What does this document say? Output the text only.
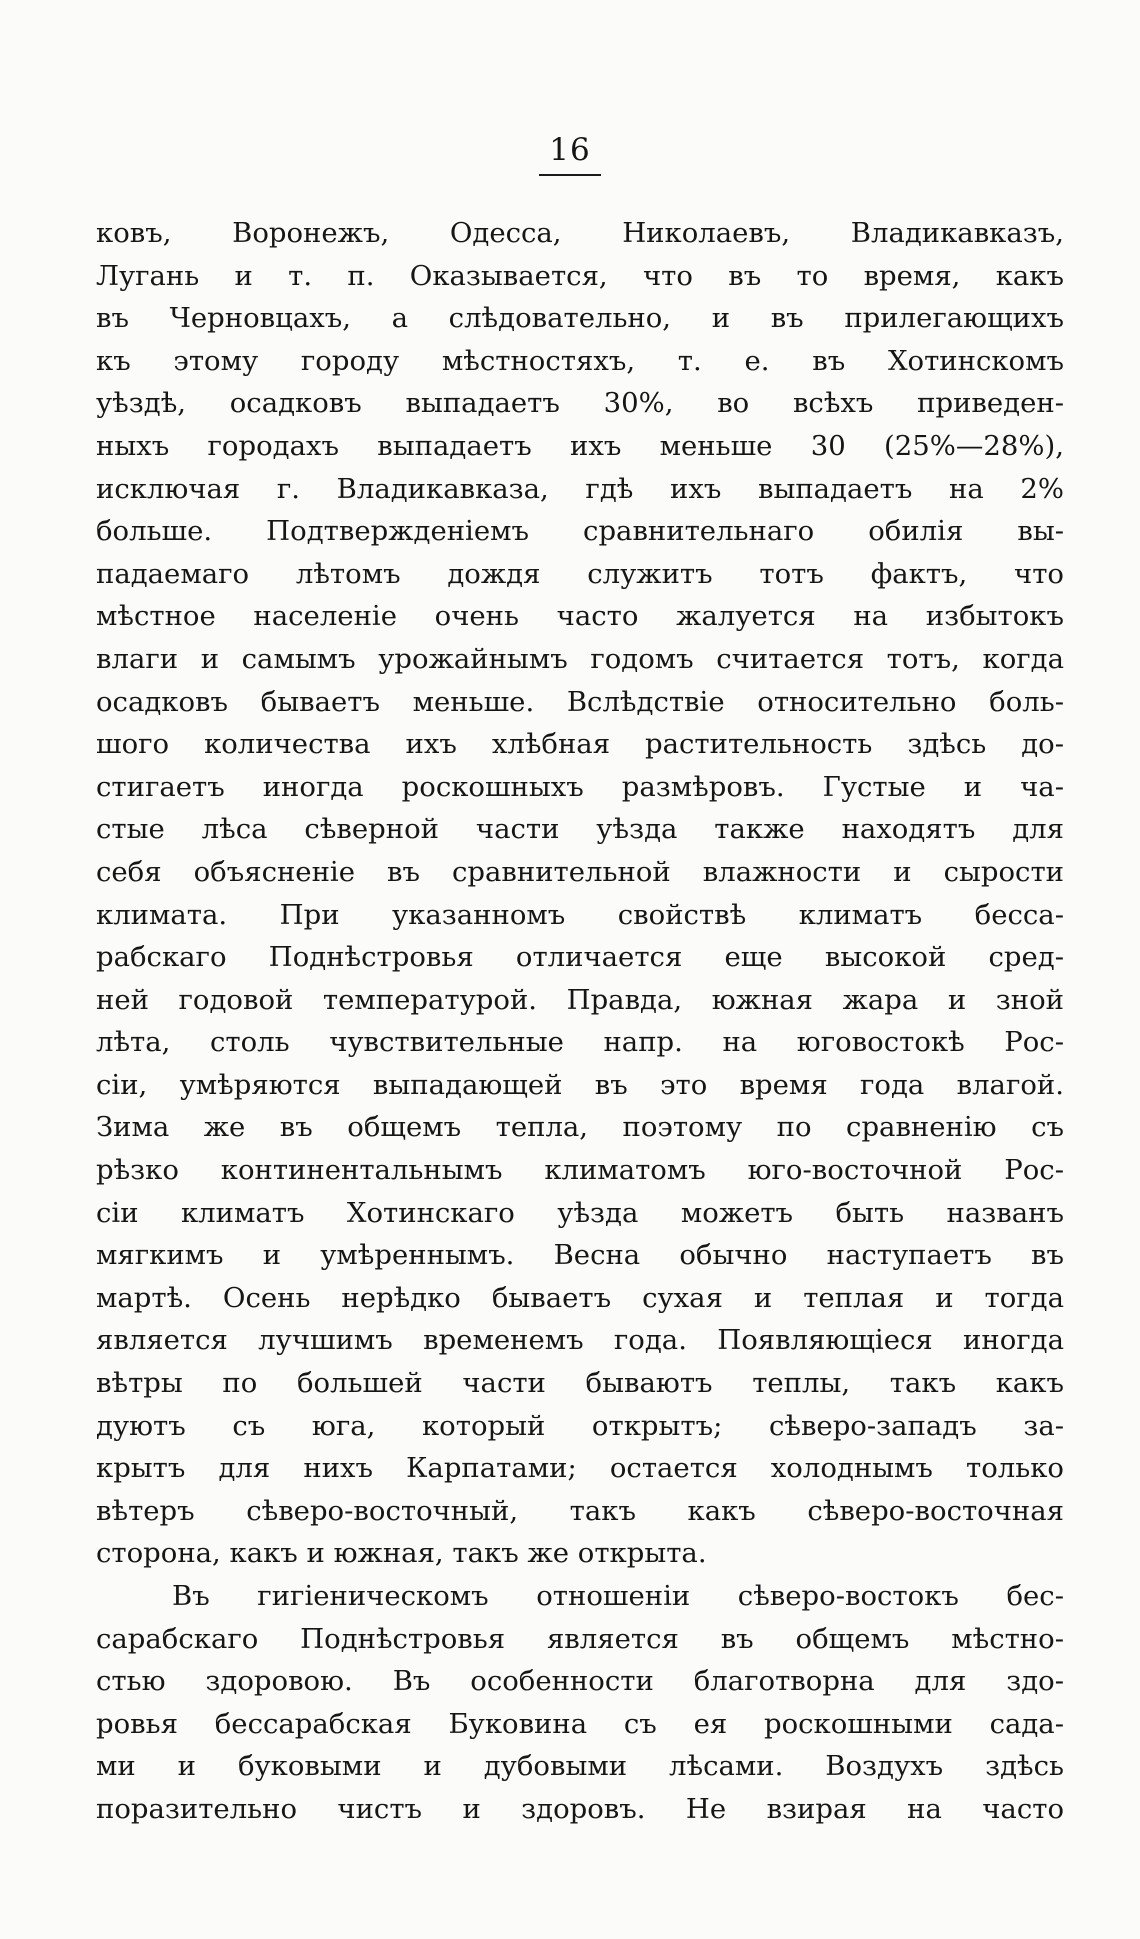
16
ковъ, Воронежъ, Одесса, Николаевъ, Владикавказъ,
Лугань и т. п. Оказывается, что въ то время, какъ
въ Черновцахъ, а слѣдовательно, и въ прилегающихъ
къ этому городу мѣстностяхъ, т. е. въ Хотинскомъ
уѣздѣ, осадковъ выпадаетъ 30%, во всѣхъ приведен-
ныхъ городахъ выпадаетъ ихъ меньше 30 (25%—28%),
исключая г. Владикавказа, гдѣ ихъ выпадаетъ на 2%
больше. Подтвержденіемъ сравнительнаго обилія вы-
падаемаго лѣтомъ дождя служитъ тотъ фактъ, что
мѣстное населеніе очень часто жалуется на избытокъ
влаги и самымъ урожайнымъ годомъ считается тотъ, когда
осадковъ бываетъ меньше. Вслѣдствіе относительно боль-
шого количества ихъ хлѣбная растительность здѣсь до-
стигаетъ иногда роскошныхъ размѣровъ. Густые и ча-
стые лѣса сѣверной части уѣзда также находятъ для
себя объясненіе въ сравнительной влажности и сырости
климата. При указанномъ свойствѣ климатъ бесса-
рабскаго Поднѣстровья отличается еще высокой сред-
ней годовой температурой. Правда, южная жара и зной
лѣта, столь чувствительные напр. на юговостокѣ Рос-
сіи, умѣряются выпадающей въ это время года влагой.
Зима же въ общемъ тепла, поэтому по сравненію съ
рѣзко континентальнымъ климатомъ юго-восточной Рос-
сіи климатъ Хотинскаго уѣзда можетъ быть названъ
мягкимъ и умѣреннымъ. Весна обычно наступаетъ въ
мартѣ. Осень нерѣдко бываетъ сухая и теплая и тогда
является лучшимъ временемъ года. Появляющіеся иногда
вѣтры по большей части бываютъ теплы, такъ какъ
дуютъ съ юга, который открытъ; сѣверо-западъ за-
крытъ для нихъ Карпатами; остается холоднымъ только
вѣтеръ сѣверо-восточный, такъ какъ сѣверо-восточная
сторона, какъ и южная, такъ же открыта.
Въ гигіеническомъ отношеніи сѣверо-востокъ бес-
сарабскаго Поднѣстровья является въ общемъ мѣстно-
стью здоровою. Въ особенности благотворна для здо-
ровья бессарабская Буковина съ ея роскошными сада-
ми и буковыми и дубовыми лѣсами. Воздухъ здѣсь
поразительно чистъ и здоровъ. Не взирая на часто
